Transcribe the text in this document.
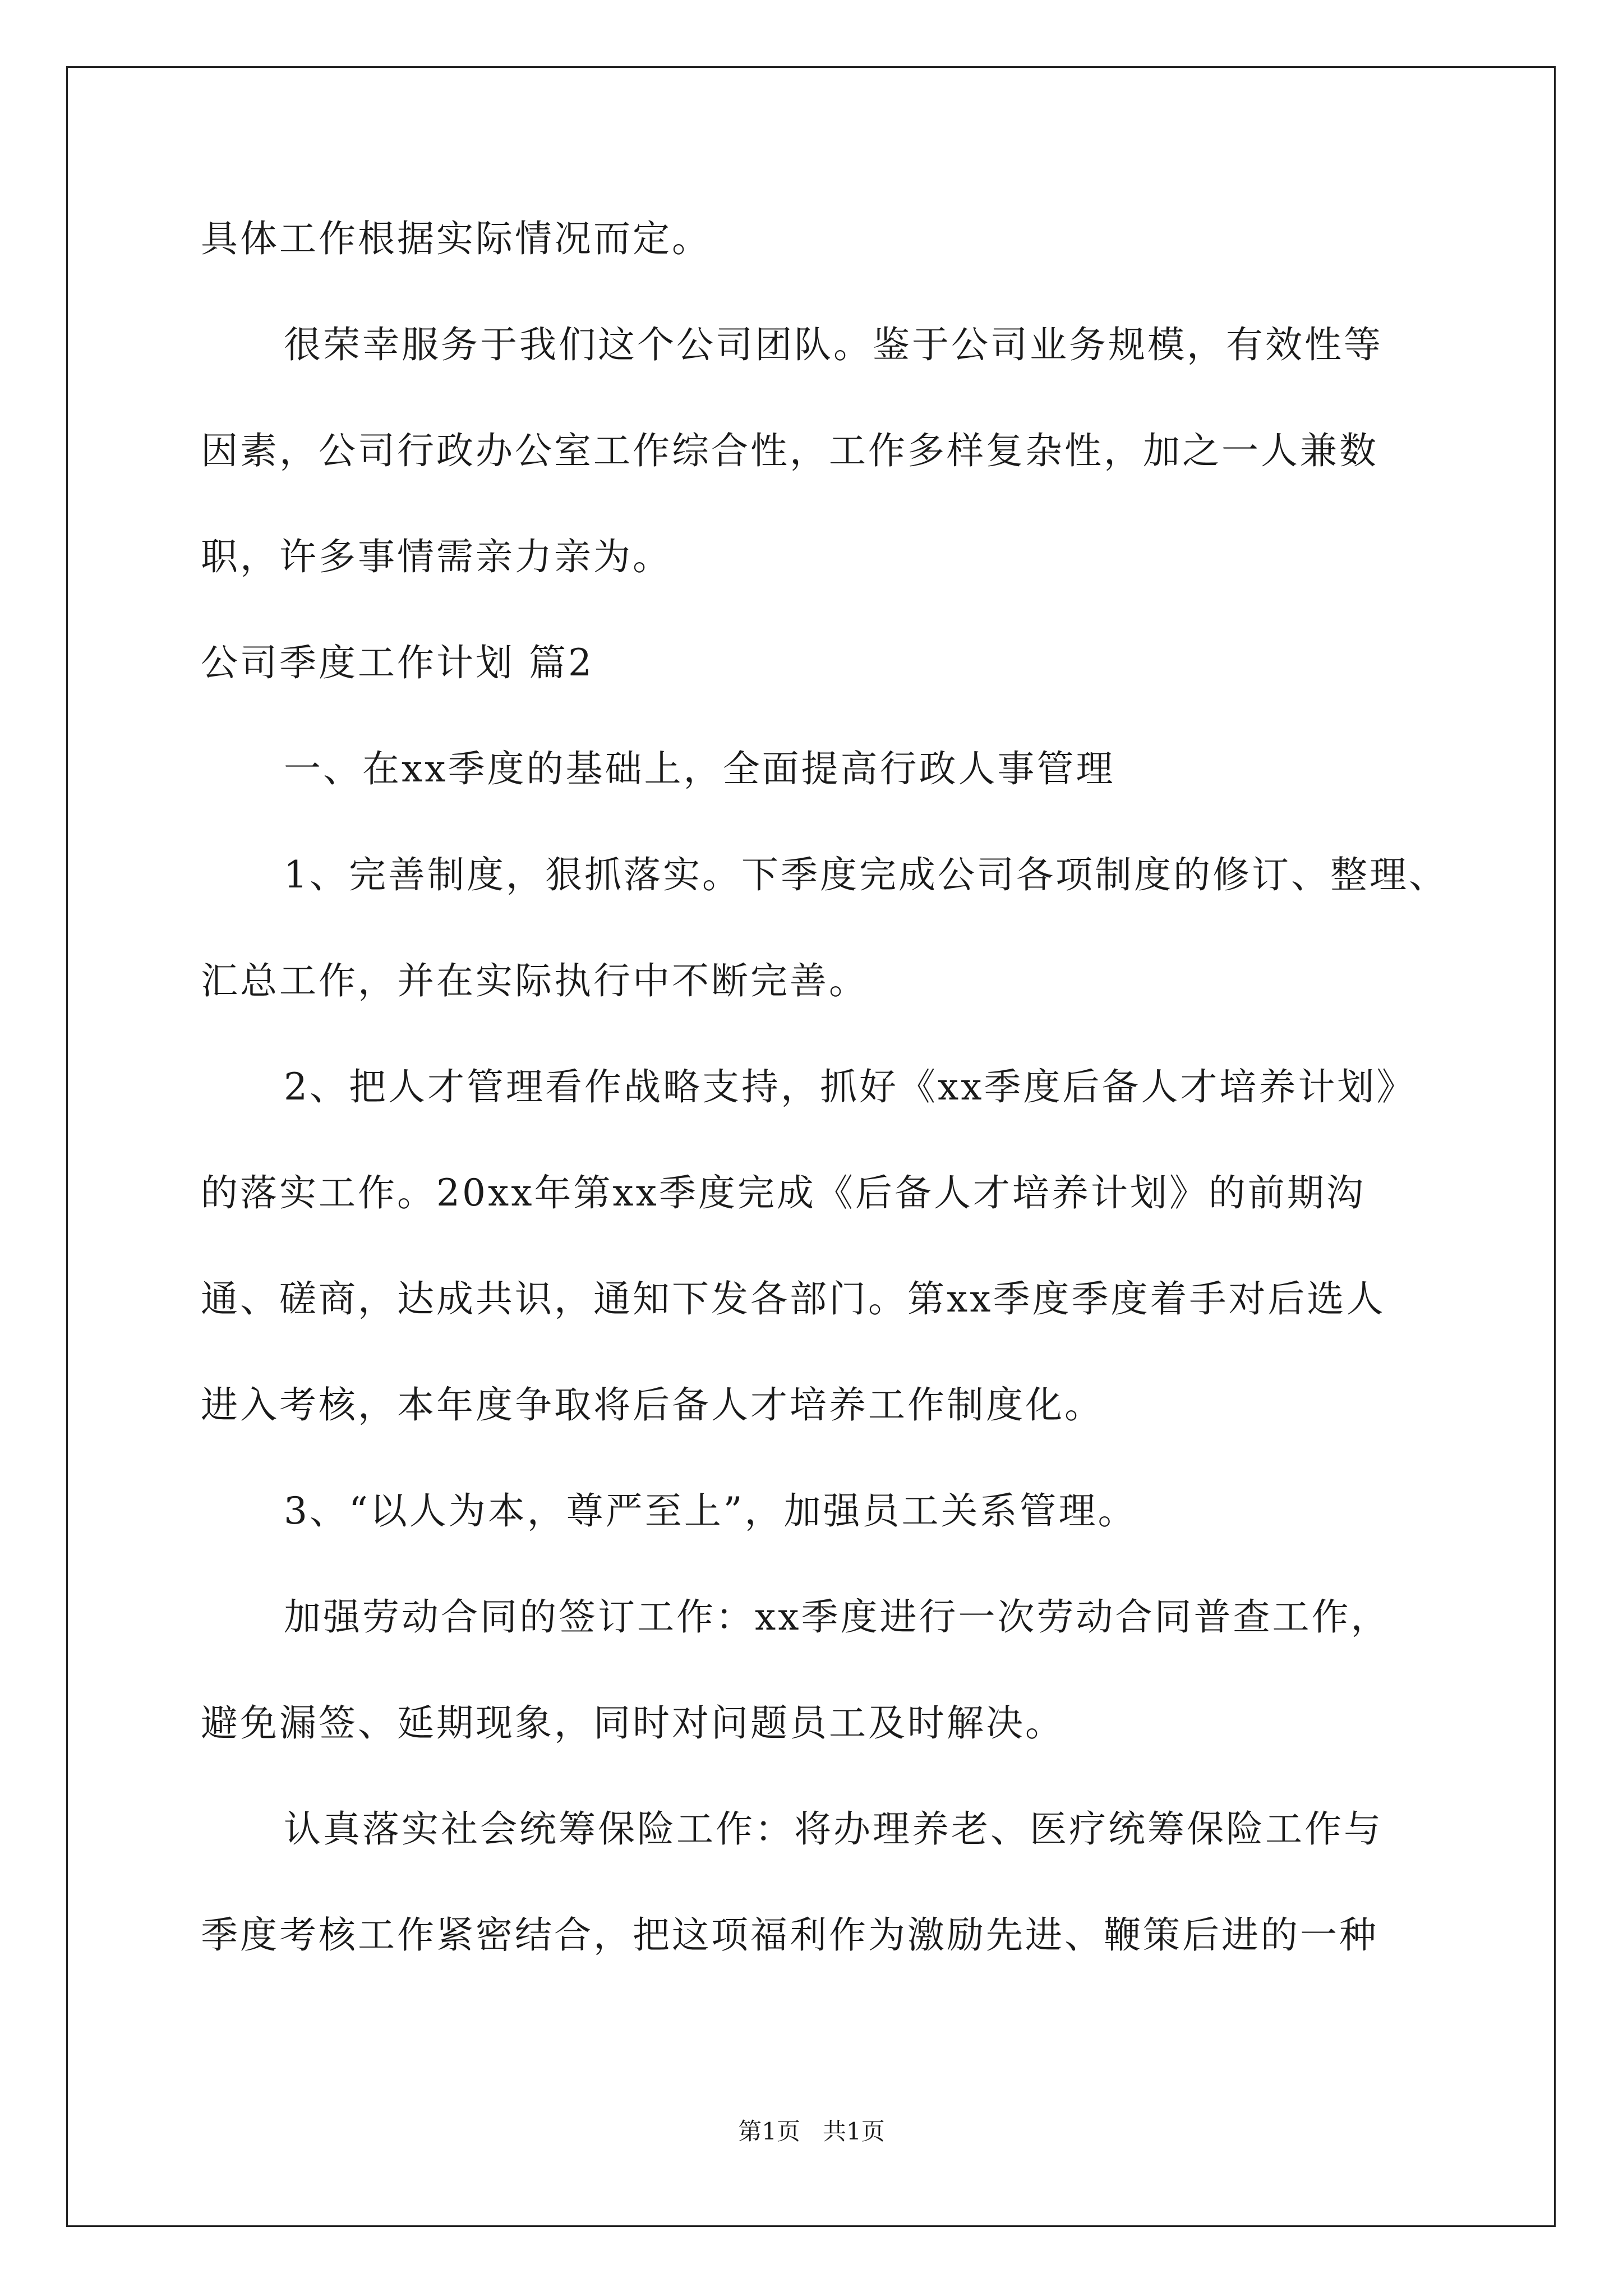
具体工作根据实际情况而定。
很荣幸服务于我们这个公司团队。鉴于公司业务规模，有效性等
因素，公司行政办公室工作综合性，工作多样复杂性，加之一人兼数
职，许多事情需亲力亲为。
公司季度工作计划 篇2
一、在xx季度的基础上，全面提高行政人事管理
1、完善制度，狠抓落实。下季度完成公司各项制度的修订、整理、
汇总工作，并在实际执行中不断完善。
2、把人才管理看作战略支持，抓好《xx季度后备人才培养计划》
的落实工作。20xx年第xx季度完成《后备人才培养计划》的前期沟
通、磋商，达成共识，通知下发各部门。第xx季度季度着手对后选人
进入考核，本年度争取将后备人才培养工作制度化。
3、“以人为本，尊严至上”，加强员工关系管理。
加强劳动合同的签订工作：xx季度进行一次劳动合同普查工作，
避免漏签、延期现象，同时对问题员工及时解决。
认真落实社会统筹保险工作：将办理养老、医疗统筹保险工作与
季度考核工作紧密结合，把这项福利作为激励先进、鞭策后进的一种
第1页   共1页
